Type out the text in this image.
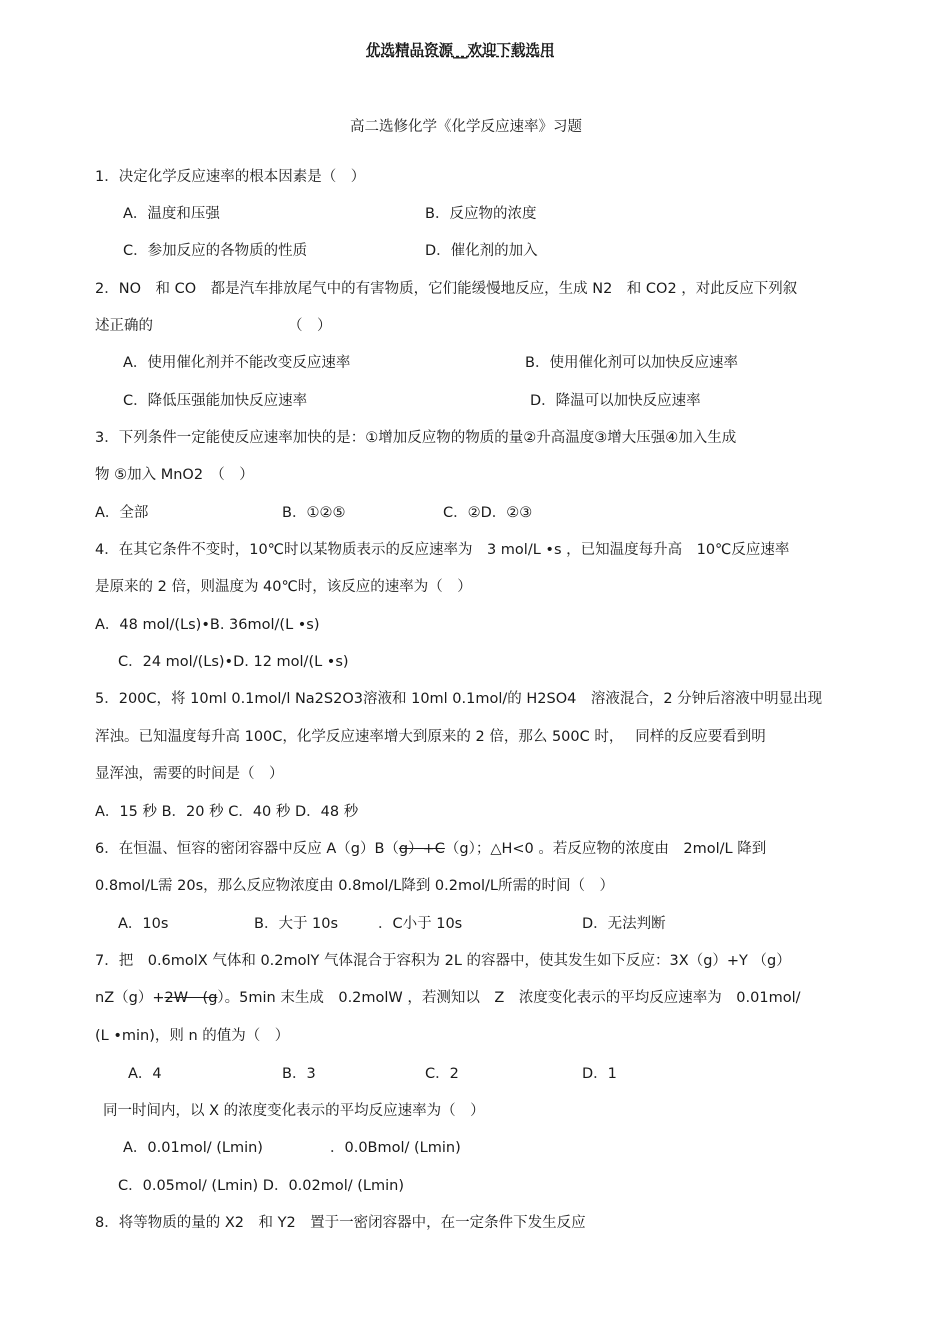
优选精品资源__欢迎下载选用
高二选修化学《化学反应速率》习题
1．决定化学反应速率的根本因素是（　）
A．温度和压强	B．反应物的浓度
C．参加反应的各物质的性质	D．催化剂的加入
2．NO　和 CO　都是汽车排放尾气中的有害物质，它们能缓慢地反应，生成 N2　和 CO2 ，对此反应下列叙
述正确的	（　）
A．使用催化剂并不能改变反应速率	B．使用催化剂可以加快反应速率
C．降低压强能加快反应速率	D．降温可以加快反应速率
3．下列条件一定能使反应速率加快的是：①增加反应物的物质的量②升高温度③增大压强④加入生成
物 ⑤加入 MnO2　（　）
A．全部	B．①②⑤	C．②D．②③
4．在其它条件不变时，10℃时以某物质表示的反应速率为　3 mol/L •s ，已知温度每升高　10℃反应速率
是原来的 2 倍，则温度为 40℃时，该反应的速率为（　）
A．48 mol/(Ls)•B. 36mol/(L •s)
C．24 mol/(Ls)•D. 12 mol/(L •s)
5．200C，将 10ml 0.1mol/l Na2S2O3溶液和 10ml 0.1mol/的 H2SO4　溶液混合，2 分钟后溶液中明显出现
浑浊。已知温度每升高 100C，化学反应速率增大到原来的 2 倍，那么 500C 时，　 同样的反应要看到明
显浑浊，需要的时间是（　）
A．15 秒 B．20 秒 C．40 秒 D．48 秒
6．在恒温、恒容的密闭容器中反应 A（g）B（g）+C（g）；△H<0 。若反应物的浓度由　2mol/L 降到
0.8mol/L需 20s，那么反应物浓度由 0.8mol/L降到 0.2mol/L所需的时间（　）
A．10s	B．大于 10s	．C小于 10s	D．无法判断
7．把　0.6molX 气体和 0.2molY 气体混合于容积为 2L 的容器中，使其发生如下反应：3X（g）+Y （g）
nZ（g）+2W　(g）。5min 末生成　0.2molW ，若测知以　Z　浓度变化表示的平均反应速率为　0.01mol/
(L •min)，则 n 的值为（　）
A．4	B．3	C．2	D．1
同一时间内，以 X 的浓度变化表示的平均反应速率为（　）
A．0.01mol/ (Lmin)	．0.0Bmol/ (Lmin)
C．0.05mol/ (Lmin) D．0.02mol/ (Lmin)
8．将等物质的量的 X2　和 Y2　置于一密闭容器中，在一定条件下发生反应
